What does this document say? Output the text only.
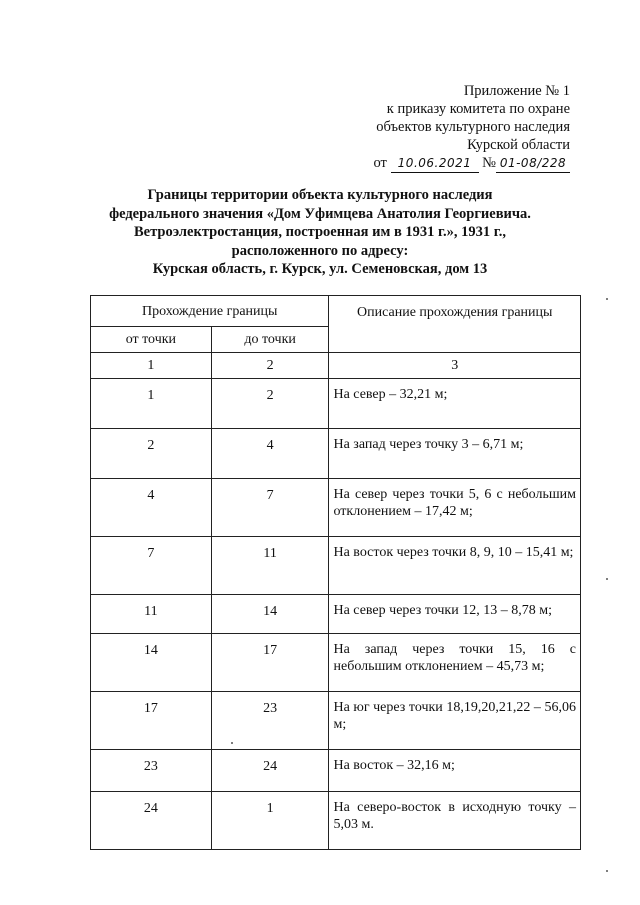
Приложение № 1
к приказу комитета по охране
объектов культурного наследия
Курской области
от 10.06.2021 № 01-08/228
Границы территории объекта культурного наследия
федерального значения «Дом Уфимцева Анатолия Георгиевича.
Ветроэлектростанция, построенная им в 1931 г.», 1931 г.,
расположенного по адресу:
Курская область, г. Курск, ул. Семеновская, дом 13
Прохождение границы		Описание прохождения границы
от точки	до точки	
1	2	3
1	2	На север – 32,21 м;
2	4	На запад через точку 3 – 6,71 м;
4	7	На север через точки 5, 6 с небольшим отклонением – 17,42 м;
7	11	На восток через точки 8, 9, 10 – 15,41 м;
11	14	На север через точки 12, 13 – 8,78 м;
14	17	На запад через точки 15, 16 с небольшим отклонением – 45,73 м;
17	23	На юг через точки 18,19,20,21,22 – 56,06 м;
23	24	На восток – 32,16 м;
24	1	На северо-восток в исходную точку – 5,03 м.
